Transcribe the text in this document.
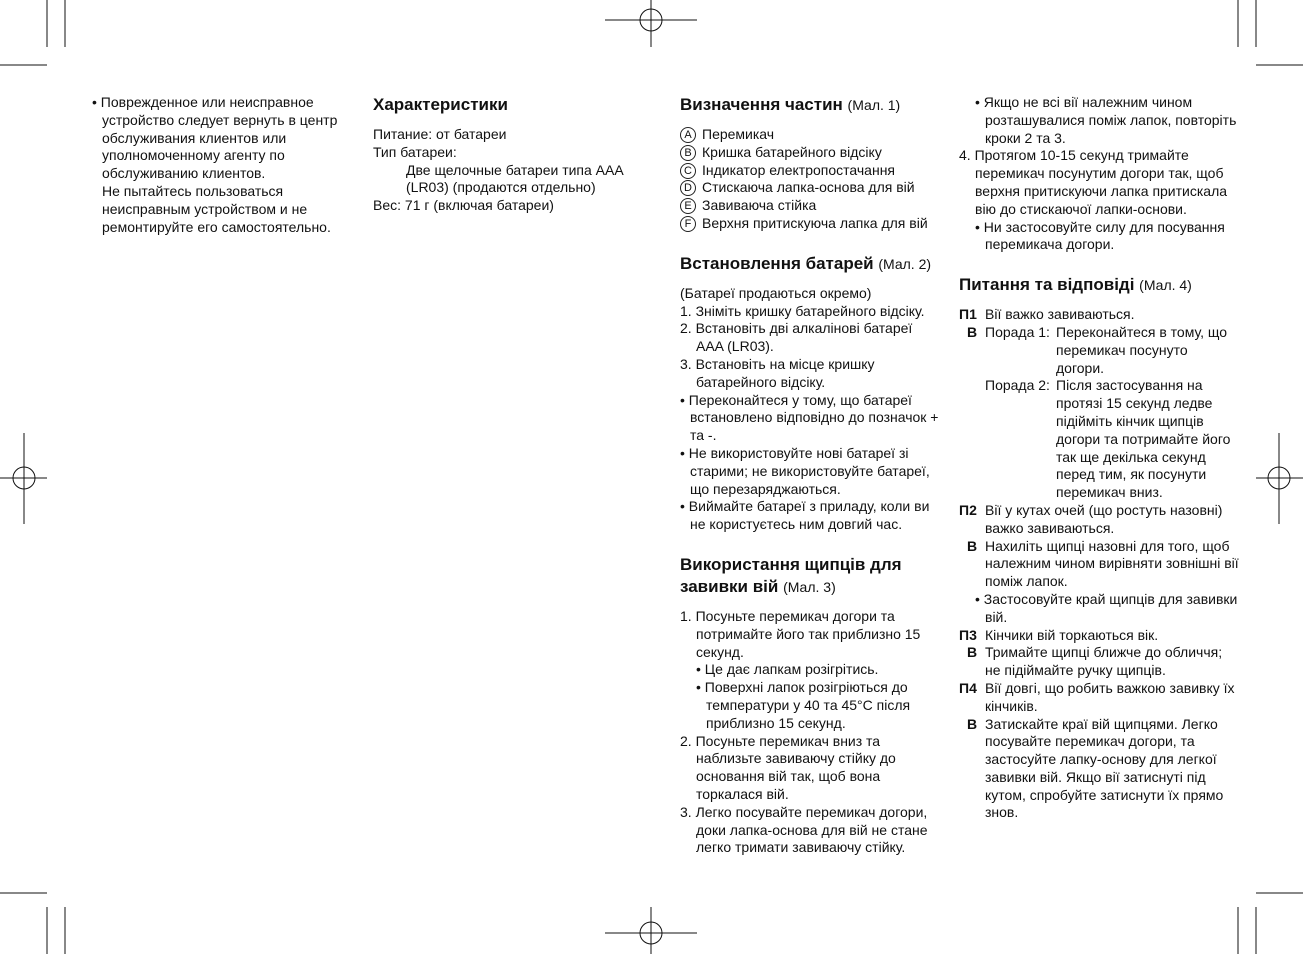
• Поврежденное или неисправное устройство следует вернуть в центр обслуживания клиентов или уполномоченному агенту по обслуживанию клиентов.
Не пытайтесь пользоваться неисправным устройством и не ремонтируйте его самостоятельно.

Характеристики

Питание: от батареи

Тип батареи:

Две щелочные батареи типа AAA (LR03) (продаются отдельно)

Вес: 71 г (включая батареи)

Визначення частин (Мал. 1)
A Перемикач
B Кришка батарейного відсіку
C Індикатор електропостачання
D Стискаюча лапка-основа для вій
E Завиваюча стійка
F Верхня притискуюча лапка для вій
Встановлення батарей (Мал. 2)

(Батареї продаються окремо)

1. Зніміть кришку батарейного відсіку.

2. Встановіть дві алкалінові батареї AAA (LR03).

3. Встановіть на місце кришку батарейного відсіку.

• Переконайтеся у тому, що батареї встановлено відповідно до позначок + та -.

• Не використовуйте нові батареї зі старими; не використовуйте батареї, що перезаряджаються.

• Виймайте батареї з приладу, коли ви не користуєтесь ним довгий час.

Використання щипців для завивки вій (Мал. 3)

1. Посуньте перемикач догори та потримайте його так приблизно 15 секунд.

• Це дає лапкам розігрітись.

• Поверхні лапок розігріються до температури у 40 та 45°C після приблизно 15 секунд.

2. Посуньте перемикач вниз та наблизьте завиваючу стійку до основання вій так, щоб вона торкалася вій.

3. Легко посувайте перемикач догори, доки лапка-основа для вій не стане легко тримати завиваючу стійку.

• Якщо не всі вії належним чином розташувалися поміж лапок, повторіть кроки 2 та 3.

4. Протягом 10-15 секунд тримайте перемикач посунутим догори так, щоб верхня притискуючи лапка притискала вію до стискаючої лапки-основи.

• Ни застосовуйте силу для посування перемикача догори.

Питання та відповіді (Мал. 4)
П1 Вії важко завиваються.
В Порада 1: Переконайтеся в тому, що перемикач посунуто догори.
Порада 2: Після застосування на протязі 15 секунд ледве підійміть кінчик щипців догори та потримайте його так ще декілька секунд перед тим, як посунути перемикач вниз.
П2 Вії у кутах очей (що ростуть назовні) важко завиваються.
В Нахиліть щипці назовні для того, щоб належним чином вирівняти зовнішні вії поміж лапок.

• Застосовуйте край щипців для завивки вій.

П3 Кінчики вій торкаються вік.
В Тримайте щипці ближче до обличчя; не підіймайте ручку щипців.
П4 Вії довгі, що робить важкою завивку їх кінчиків.
В Затискайте краї вій щипцями. Легко посувайте перемикач догори, та застосуйте лапку-основу для легкої завивки вій. Якщо вії затиснуті під кутом, спробуйте затиснути їх прямо знов.
